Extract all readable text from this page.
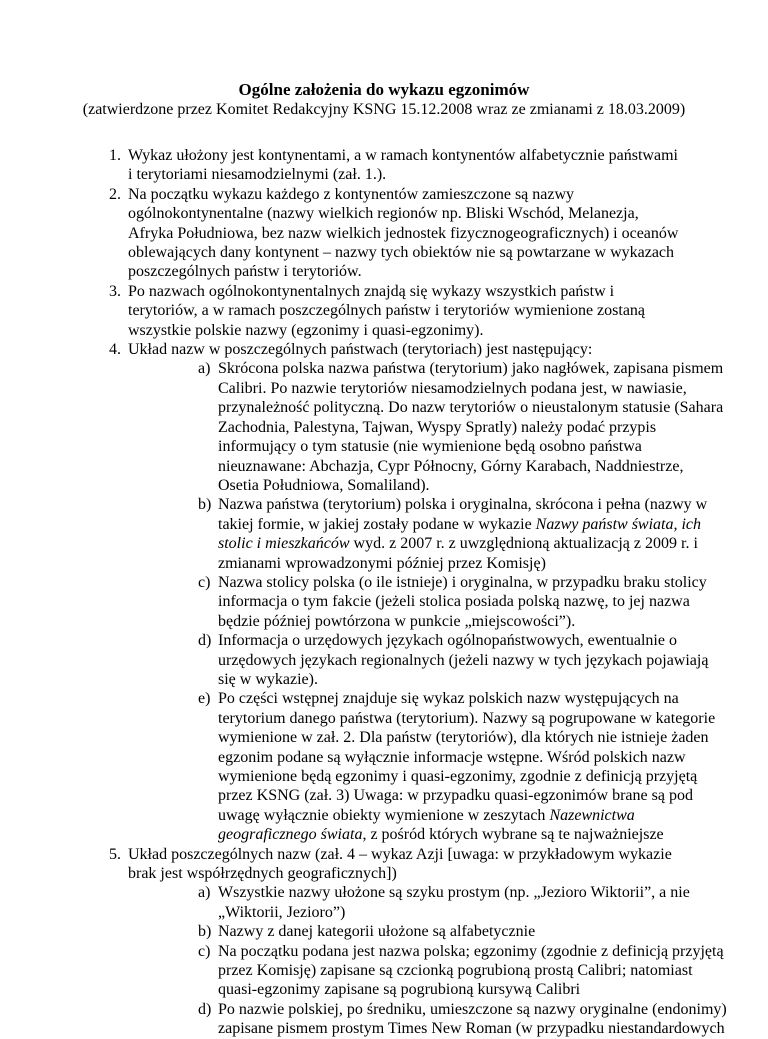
Ogólne założenia do wykazu egzonimów
(zatwierdzone przez Komitet Redakcyjny KSNG 15.12.2008 wraz ze zmianami z 18.03.2009)
1. Wykaz ułożony jest kontynentami, a w ramach kontynentów alfabetycznie państwami
i terytoriami niesamodzielnymi (zał. 1.).
2. Na początku wykazu każdego z kontynentów zamieszczone są nazwy
ogólnokontynentalne (nazwy wielkich regionów np. Bliski Wschód, Melanezja,
Afryka Południowa, bez nazw wielkich jednostek fizycznogeograficznych) i oceanów
oblewających dany kontynent – nazwy tych obiektów nie są powtarzane w wykazach
poszczególnych państw i terytoriów.
3. Po nazwach ogólnokontynentalnych znajdą się wykazy wszystkich państw i
terytoriów, a w ramach poszczególnych państw i terytoriów wymienione zostaną
wszystkie polskie nazwy (egzonimy i quasi-egzonimy).
4. Układ nazw w poszczególnych państwach (terytoriach) jest następujący:
a) Skrócona polska nazwa państwa (terytorium) jako nagłówek, zapisana pismem
Calibri. Po nazwie terytoriów niesamodzielnych podana jest, w nawiasie,
przynależność polityczną. Do nazw terytoriów o nieustalonym statusie (Sahara
Zachodnia, Palestyna, Tajwan, Wyspy Spratly) należy podać przypis
informujący o tym statusie (nie wymienione będą osobno państwa
nieuznawane: Abchazja, Cypr Północny, Górny Karabach, Naddniestrze,
Osetia Południowa, Somaliland).
b) Nazwa państwa (terytorium) polska i oryginalna, skrócona i pełna (nazwy w
takiej formie, w jakiej zostały podane w wykazie Nazwy państw świata, ich
stolic i mieszkańców wyd. z 2007 r. z uwzględnioną aktualizacją z 2009 r. i
zmianami wprowadzonymi później przez Komisję)
c) Nazwa stolicy polska (o ile istnieje) i oryginalna, w przypadku braku stolicy
informacja o tym fakcie (jeżeli stolica posiada polską nazwę, to jej nazwa
będzie później powtórzona w punkcie „miejscowości”).
d) Informacja o urzędowych językach ogólnopaństwowych, ewentualnie o
urzędowych językach regionalnych (jeżeli nazwy w tych językach pojawiają
się w wykazie).
e) Po części wstępnej znajduje się wykaz polskich nazw występujących na
terytorium danego państwa (terytorium). Nazwy są pogrupowane w kategorie
wymienione w zał. 2. Dla państw (terytoriów), dla których nie istnieje żaden
egzonim podane są wyłącznie informacje wstępne. Wśród polskich nazw
wymienione będą egzonimy i quasi-egzonimy, zgodnie z definicją przyjętą
przez KSNG (zał. 3) Uwaga: w przypadku quasi-egzonimów brane są pod
uwagę wyłącznie obiekty wymienione w zeszytach Nazewnictwa
geograficznego świata, z pośród których wybrane są te najważniejsze
5. Układ poszczególnych nazw (zał. 4 – wykaz Azji [uwaga: w przykładowym wykazie
brak jest współrzędnych geograficznych])
a) Wszystkie nazwy ułożone są szyku prostym (np. „Jezioro Wiktorii”, a nie
„Wiktorii, Jezioro”)
b) Nazwy z danej kategorii ułożone są alfabetycznie
c) Na początku podana jest nazwa polska; egzonimy (zgodnie z definicją przyjętą
przez Komisję) zapisane są czcionką pogrubioną prostą Calibri; natomiast
quasi-egzonimy zapisane są pogrubioną kursywą Calibri
d) Po nazwie polskiej, po średniku, umieszczone są nazwy oryginalne (endonimy)
zapisane pismem prostym Times New Roman (w przypadku niestandardowych
